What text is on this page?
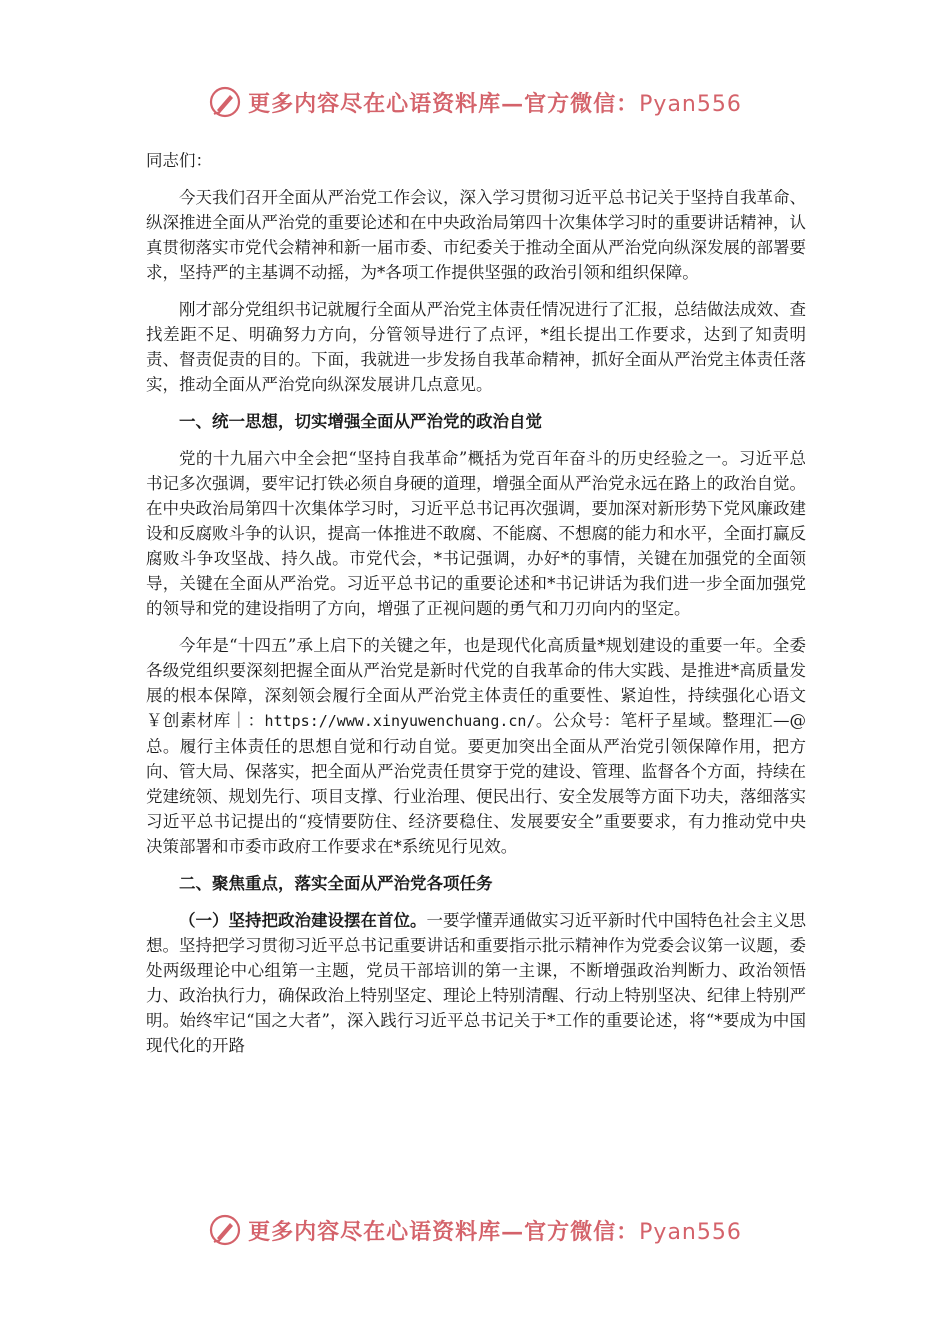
更多内容尽在心语资料库—官方微信：Pyan556

同志们：

今天我们召开全面从严治党工作会议，深入学习贯彻习近平总书记关于坚持自我革命、纵深推进全面从严治党的重要论述和在中央政治局第四十次集体学习时的重要讲话精神，认真贯彻落实市党代会精神和新一届市委、市纪委关于推动全面从严治党向纵深发展的部署要求，坚持严的主基调不动摇，为*各项工作提供坚强的政治引领和组织保障。

刚才部分党组织书记就履行全面从严治党主体责任情况进行了汇报，总结做法成效、查找差距不足、明确努力方向，分管领导进行了点评，*组长提出工作要求，达到了知责明责、督责促责的目的。下面，我就进一步发扬自我革命精神，抓好全面从严治党主体责任落实，推动全面从严治党向纵深发展讲几点意见。

一、统一思想，切实增强全面从严治党的政治自觉

党的十九届六中全会把“坚持自我革命”概括为党百年奋斗的历史经验之一。习近平总书记多次强调，要牢记打铁必须自身硬的道理，增强全面从严治党永远在路上的政治自觉。在中央政治局第四十次集体学习时，习近平总书记再次强调，要加深对新形势下党风廉政建设和反腐败斗争的认识，提高一体推进不敢腐、不能腐、不想腐的能力和水平，全面打赢反腐败斗争攻坚战、持久战。市党代会，*书记强调，办好*的事情，关键在加强党的全面领导，关键在全面从严治党。习近平总书记的重要论述和*书记讲话为我们进一步全面加强党的领导和党的建设指明了方向，增强了正视问题的勇气和刀刃向内的坚定。

今年是“十四五”承上启下的关键之年，也是现代化高质量*规划建设的重要一年。全委各级党组织要深刻把握全面从严治党是新时代党的自我革命的伟大实践、是推进*高质量发展的根本保障，深刻领会履行全面从严治党主体责任的重要性、紧迫性，持续强化心语文￥创素材库｜：https://www.xinyuwenchuang.cn/。公众号：笔杆子星域。整理汇—@总。履行主体责任的思想自觉和行动自觉。要更加突出全面从严治党引领保障作用，把方向、管大局、保落实，把全面从严治党责任贯穿于党的建设、管理、监督各个方面，持续在党建统领、规划先行、项目支撑、行业治理、便民出行、安全发展等方面下功夫，落细落实习近平总书记提出的“疫情要防住、经济要稳住、发展要安全”重要要求，有力推动党中央决策部署和市委市政府工作要求在*系统见行见效。

二、聚焦重点，落实全面从严治党各项任务

（一）坚持把政治建设摆在首位。一要学懂弄通做实习近平新时代中国特色社会主义思想。坚持把学习贯彻习近平总书记重要讲话和重要指示批示精神作为党委会议第一议题，委处两级理论中心组第一主题，党员干部培训的第一主课，不断增强政治判断力、政治领悟力、政治执行力，确保政治上特别坚定、理论上特别清醒、行动上特别坚决、纪律上特别严明。始终牢记“国之大者”，深入践行习近平总书记关于*工作的重要论述，将“*要成为中国现代化的开路

更多内容尽在心语资料库—官方微信：Pyan556
